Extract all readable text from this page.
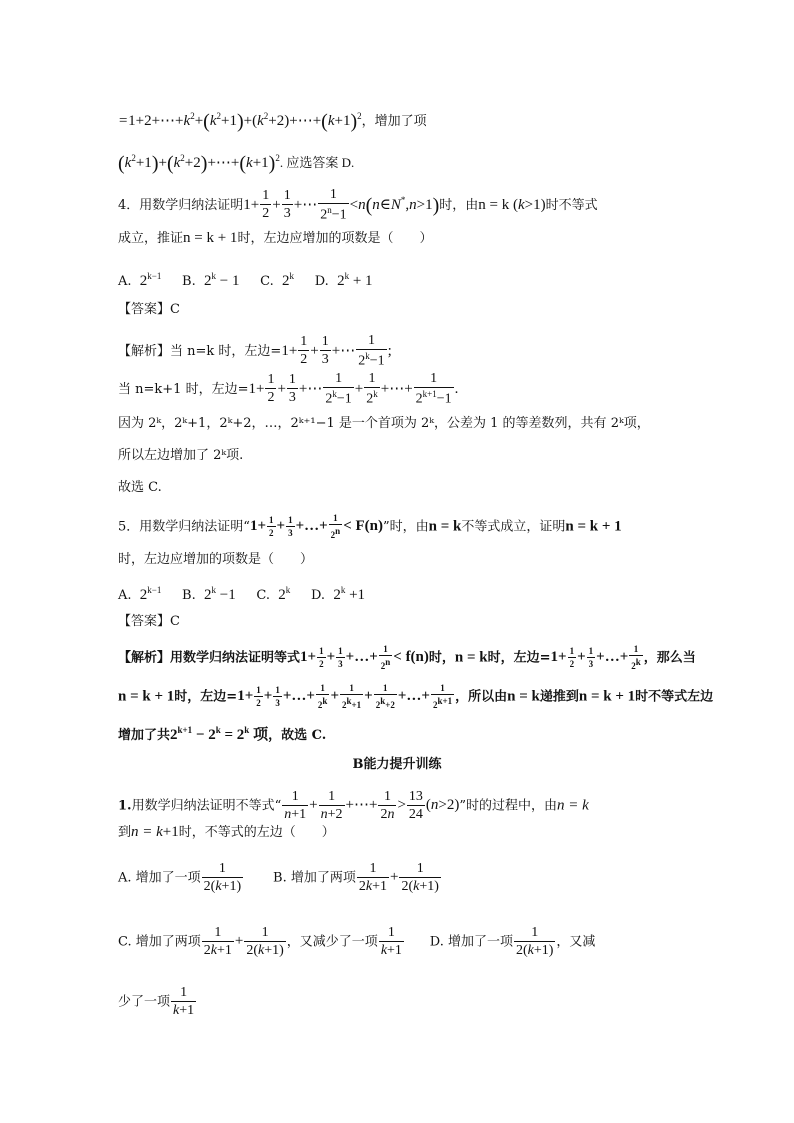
$=1+2+\cdots+k^2+(k^2+1)+(k^2+2)+\cdots+(k+1)^2$，增加了项
$(k^2+1)+(k^2+2)+\cdots+(k+1)^2$. 应选答案 D.
4．用数学归纳法证明$1+ \frac{1}{2} + \frac{1}{3}$ +⋯ $\frac{1}{2^n-1}$ <n(n∈N*,n>1)时，由n = k (k>1)时不等式
成立，推证n = k + 1时，左边应增加的项数是（　　）
A. $2^{k-1}$ B. $2^k - 1$ C. 2$^k$ D. $2^k + 1$
【答案】C
【解析】当 n=k 时，左边$=1+ \frac{1}{2} + \frac{1}{3}$ +⋯ $\frac{1}{2^k-1}$ ;
当 n=k+1 时，左边$=1+ \frac{1}{2} + \frac{1}{3}$ +⋯ $\frac{1}{2^k-1} + \frac{1}{2^k}$ +⋯+ $\frac{1}{2^{k+1}-1}$ .
因为 2ᵏ，2ᵏ+1，2ᵏ+2，…，2ᵏ⁺¹−1 是一个首项为 2ᵏ，公差为 1 的等差数列，共有 2ᵏ项，
所以左边增加了 2ᵏ项.
故选 C.
5．用数学归纳法证明“$1+ \frac{1}{2} + \frac{1}{3}$ +…+ $\frac{1}{2n} < F(n)$”时，由n = k不等式成立，证明n = k + 1
时，左边应增加的项数是（　　）
A. $2^{k-1}$ B. $2^k -1$ C. 2$^k$ D. $2^k +1$
【答案】C
【解析】用数学归纳法证明等式$1+ \frac{1}{2} + \frac{1}{3}$ +…+ $\frac{1}{2n} < f(n)$时，n = k时，左边$=1+ \frac{1}{2} + \frac{1}{3}$ +…+ $\frac{1}{2k}$ ，那么当
n = k + 1时，左边$=1+ \frac{1}{2} + \frac{1}{3}$ +…+ $\frac{1}{2k} + \frac{1}{2k+1} + \frac{1}{2k+2}$ +…+ $\frac{1}{2k+1}$ ，所以由n = k递推到n = k + 1时不等式左边
增加了共$2^{k+1} - 2^k = 2^k$ 项，故选 C.
B能力提升训练
1.用数学归纳法证明不等式“ $\frac{1}{n+1} + \frac{1}{n+2}$ +⋯+ $\frac{1}{2n} > \frac{13}{24} (n>2)$”时的过程中，由n = k
到n = k+1时，不等式的左边（　　）
A. 增加了一项 $\frac{1}{2(k+1)} B$. 增加了两项 $\frac{1}{2k+1} + \frac{1}{2(k+1)}$
C. 增加了两项 $\frac{1}{2k+1} + \frac{1}{2(k+1)}$ ，又减少了一项 $\frac{1}{k+1} D$. 增加了一项 $\frac{1}{2(k+1)}$ ，又减
少了一项 $\frac{1}{k+1}$
